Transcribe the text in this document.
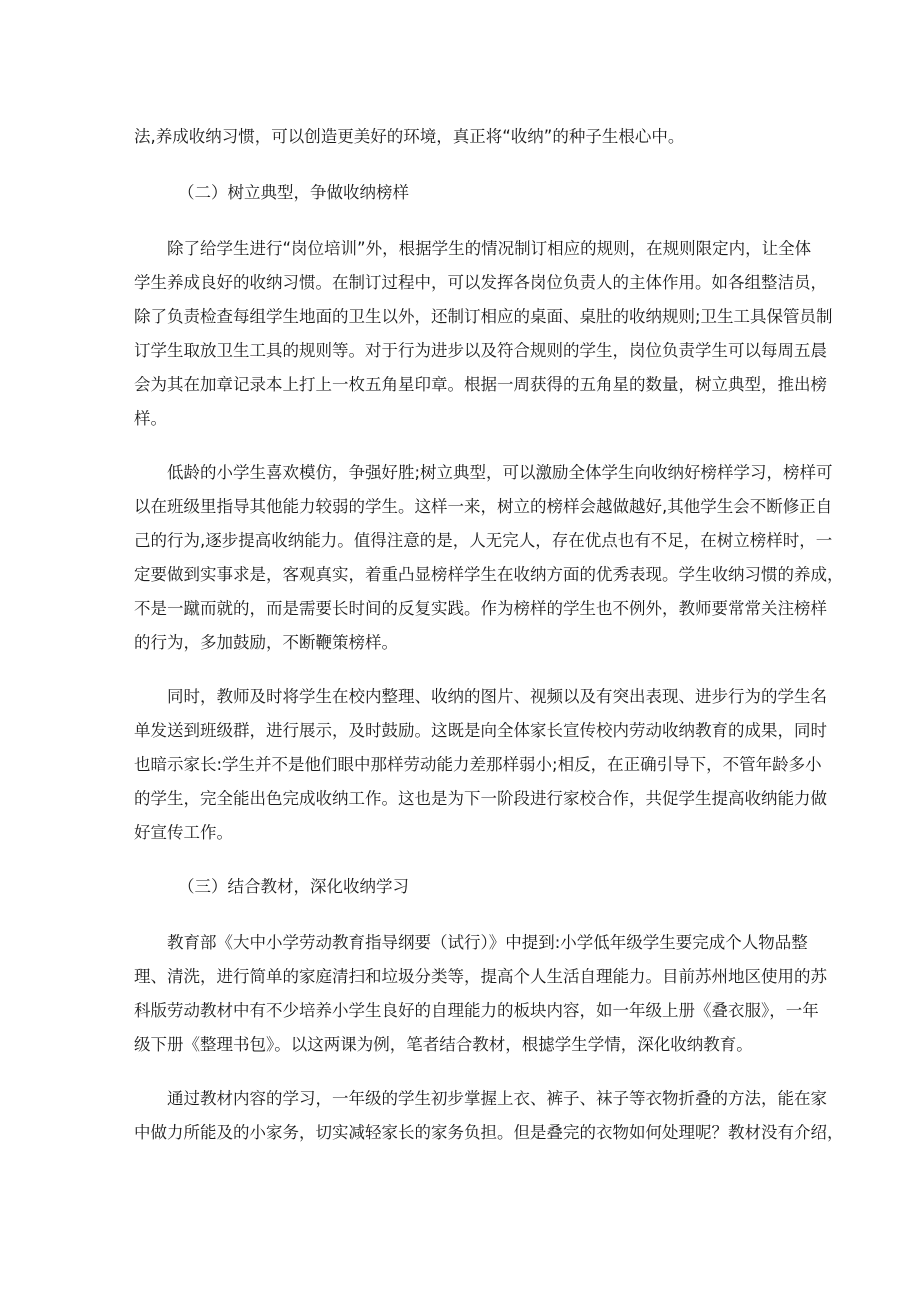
法,养成收纳习惯，可以创造更美好的环境，真正将“收纳”的种子生根心中。

（二）树立典型，争做收纳榜样

除了给学生进行“岗位培训”外，根据学生的情况制订相应的规则，在规则限定内，让全体

学生养成良好的收纳习惯。在制订过程中，可以发挥各岗位负责人的主体作用。如各组整洁员，

除了负责检查每组学生地面的卫生以外，还制订相应的桌面、桌肚的收纳规则;卫生工具保管员制

订学生取放卫生工具的规则等。对于行为进步以及符合规则的学生，岗位负责学生可以每周五晨

会为其在加章记录本上打上一枚五角星印章。根据一周获得的五角星的数量，树立典型，推出榜

样。

低龄的小学生喜欢模仿，争强好胜;树立典型，可以激励全体学生向收纳好榜样学习，榜样可

以在班级里指导其他能力较弱的学生。这样一来，树立的榜样会越做越好,其他学生会不断修正自

己的行为,逐步提高收纳能力。值得注意的是，人无完人，存在优点也有不足，在树立榜样时，一

定要做到实事求是，客观真实，着重凸显榜样学生在收纳方面的优秀表现。学生收纳习惯的养成，

不是一蹴而就的，而是需要长时间的反复实践。作为榜样的学生也不例外，教师要常常关注榜样

的行为，多加鼓励，不断鞭策榜样。

同时，教师及时将学生在校内整理、收纳的图片、视频以及有突出表现、进步行为的学生名

单发送到班级群，进行展示，及时鼓励。这既是向全体家长宣传校内劳动收纳教育的成果，同时

也暗示家长:学生并不是他们眼中那样劳动能力差那样弱小;相反，在正确引导下，不管年龄多小

的学生，完全能出色完成收纳工作。这也是为下一阶段进行家校合作，共促学生提高收纳能力做

好宣传工作。

（三）结合教材，深化收纳学习

教育部《大中小学劳动教育指导纲要（试行）》中提到:小学低年级学生要完成个人物品整

理、清洗，进行简单的家庭清扫和垃圾分类等，提高个人生活自理能力。目前苏州地区使用的苏

科版劳动教材中有不少培养小学生良好的自理能力的板块内容，如一年级上册《叠衣服》，一年

级下册《整理书包》。以这两课为例，笔者结合教材，根摅学生学情，深化收纳教育。

通过教材内容的学习，一年级的学生初步掌握上衣、裤子、袜子等衣物折叠的方法，能在家

中做力所能及的小家务，切实减轻家长的家务负担。但是叠完的衣物如何处理呢？教材没有介绍，
